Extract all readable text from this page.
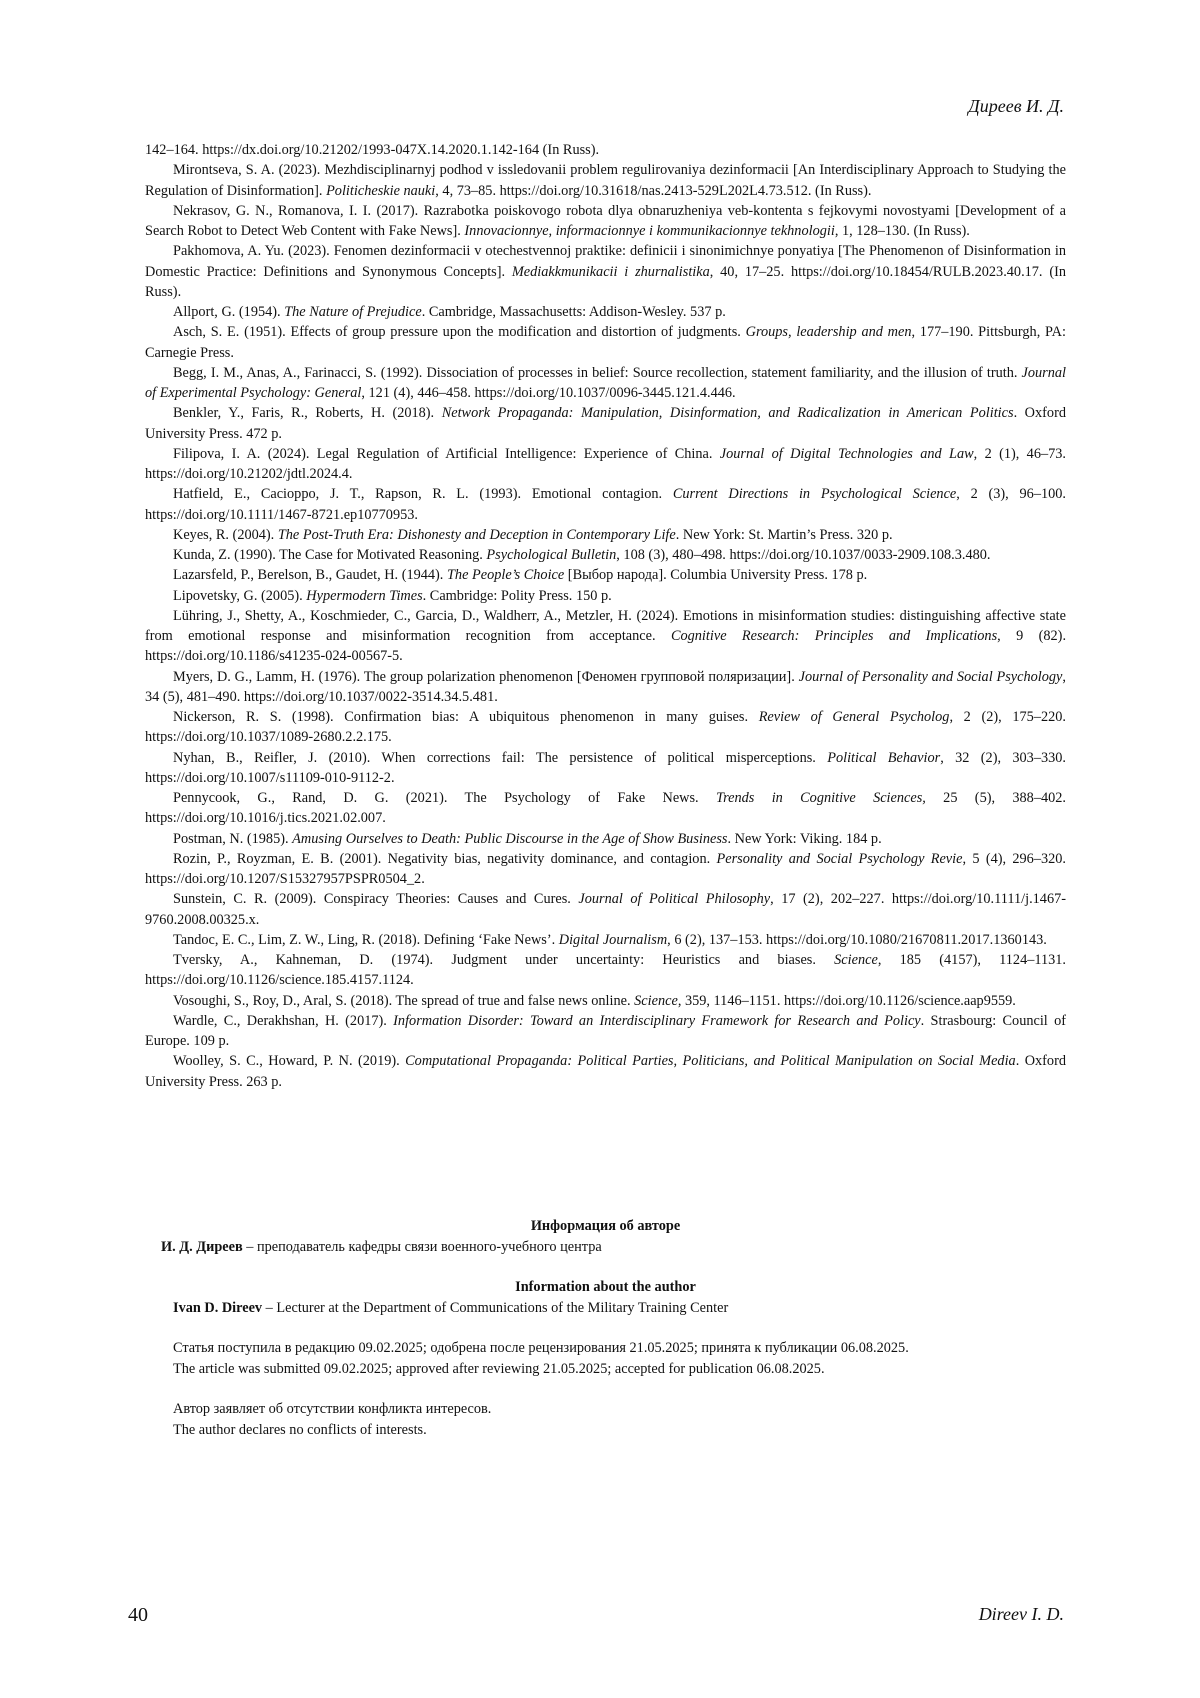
Диреев И. Д.

142–164. https://dx.doi.org/10.21202/1993-047X.14.2020.1.142-164 (In Russ).

Mirontseva, S. A. (2023). Mezhdisciplinarnyj podhod v issledovanii problem regulirovaniya dezinformacii [An Interdisciplinary Approach to Studying the Regulation of Disinformation]. Politicheskie nauki, 4, 73–85. https://doi.org/10.31618/nas.2413-529L202L4.73.512. (In Russ).

Nekrasov, G. N., Romanova, I. I. (2017). Razrabotka poiskovogo robota dlya obnaruzheniya veb-kontenta s fejkovymi novostyami [Development of a Search Robot to Detect Web Content with Fake News]. Innovacionnye, informacionnye i kommunikacionnye tekhnologii, 1, 128–130. (In Russ).

Pakhomova, A. Yu. (2023). Fenomen dezinformacii v otechestvennoj praktike: definicii i sinonimichnye ponyatiya [The Phenomenon of Disinformation in Domestic Practice: Definitions and Synonymous Concepts]. Mediakkmunikacii i zhurnalistika, 40, 17–25. https://doi.org/10.18454/RULB.2023.40.17. (In Russ).

Allport, G. (1954). The Nature of Prejudice. Cambridge, Massachusetts: Addison-Wesley. 537 p.

Asch, S. E. (1951). Effects of group pressure upon the modification and distortion of judgments. Groups, leadership and men, 177–190. Pittsburgh, PA: Carnegie Press.

Begg, I. M., Anas, A., Farinacci, S. (1992). Dissociation of processes in belief: Source recollection, statement familiarity, and the illusion of truth. Journal of Experimental Psychology: General, 121 (4), 446–458. https://doi.org/10.1037/0096-3445.121.4.446.

Benkler, Y., Faris, R., Roberts, H. (2018). Network Propaganda: Manipulation, Disinformation, and Radicalization in American Politics. Oxford University Press. 472 p.

Filipova, I. A. (2024). Legal Regulation of Artificial Intelligence: Experience of China. Journal of Digital Technologies and Law, 2 (1), 46–73. https://doi.org/10.21202/jdtl.2024.4.

Hatfield, E., Cacioppo, J. T., Rapson, R. L. (1993). Emotional contagion. Current Directions in Psychological Science, 2 (3), 96–100. https://doi.org/10.1111/1467-8721.ep10770953.

Keyes, R. (2004). The Post-Truth Era: Dishonesty and Deception in Contemporary Life. New York: St. Martin’s Press. 320 p.

Kunda, Z. (1990). The Case for Motivated Reasoning. Psychological Bulletin, 108 (3), 480–498. https://doi.org/10.1037/0033-2909.108.3.480.

Lazarsfeld, P., Berelson, B., Gaudet, H. (1944). The People’s Choice [Выбор народа]. Columbia University Press. 178 p.

Lipovetsky, G. (2005). Hypermodern Times. Cambridge: Polity Press. 150 p.

Lühring, J., Shetty, A., Koschmieder, C., Garcia, D., Waldherr, A., Metzler, H. (2024). Emotions in misinformation studies: distinguishing affective state from emotional response and misinformation recognition from acceptance. Cognitive Research: Principles and Implications, 9 (82). https://doi.org/10.1186/s41235-024-00567-5.

Myers, D. G., Lamm, H. (1976). The group polarization phenomenon [Феномен групповой поляризации]. Journal of Personality and Social Psychology, 34 (5), 481–490. https://doi.org/10.1037/0022-3514.34.5.481.

Nickerson, R. S. (1998). Confirmation bias: A ubiquitous phenomenon in many guises. Review of General Psycholog, 2 (2), 175–220. https://doi.org/10.1037/1089-2680.2.2.175.

Nyhan, B., Reifler, J. (2010). When corrections fail: The persistence of political misperceptions. Political Behavior, 32 (2), 303–330. https://doi.org/10.1007/s11109-010-9112-2.

Pennycook, G., Rand, D. G. (2021). The Psychology of Fake News. Trends in Cognitive Sciences, 25 (5), 388–402. https://doi.org/10.1016/j.tics.2021.02.007.

Postman, N. (1985). Amusing Ourselves to Death: Public Discourse in the Age of Show Business. New York: Viking. 184 p.

Rozin, P., Royzman, E. B. (2001). Negativity bias, negativity dominance, and contagion. Personality and Social Psychology Revie, 5 (4), 296–320. https://doi.org/10.1207/S15327957PSPR0504_2.

Sunstein, C. R. (2009). Conspiracy Theories: Causes and Cures. Journal of Political Philosophy, 17 (2), 202–227. https://doi.org/10.1111/j.1467-9760.2008.00325.x.

Tandoc, E. C., Lim, Z. W., Ling, R. (2018). Defining ‘Fake News’. Digital Journalism, 6 (2), 137–153. https://doi.org/10.1080/21670811.2017.1360143.

Tversky, A., Kahneman, D. (1974). Judgment under uncertainty: Heuristics and biases. Science, 185 (4157), 1124–1131. https://doi.org/10.1126/science.185.4157.1124.

Vosoughi, S., Roy, D., Aral, S. (2018). The spread of true and false news online. Science, 359, 1146–1151. https://doi.org/10.1126/science.aap9559.

Wardle, C., Derakhshan, H. (2017). Information Disorder: Toward an Interdisciplinary Framework for Research and Policy. Strasbourg: Council of Europe. 109 p.

Woolley, S. C., Howard, P. N. (2019). Computational Propaganda: Political Parties, Politicians, and Political Manipulation on Social Media. Oxford University Press. 263 p.

Информация об авторе

И. Д. Диреев – преподаватель кафедры связи военного-учебного центра

Information about the author

Ivan D. Direev – Lecturer at the Department of Communications of the Military Training Center

Статья поступила в редакцию 09.02.2025; одобрена после рецензирования 21.05.2025; принята к публикации 06.08.2025.

The article was submitted 09.02.2025; approved after reviewing 21.05.2025; accepted for publication 06.08.2025.

Автор заявляет об отсутствии конфликта интересов.

The author declares no conflicts of interests.

40	Direev I. D.
